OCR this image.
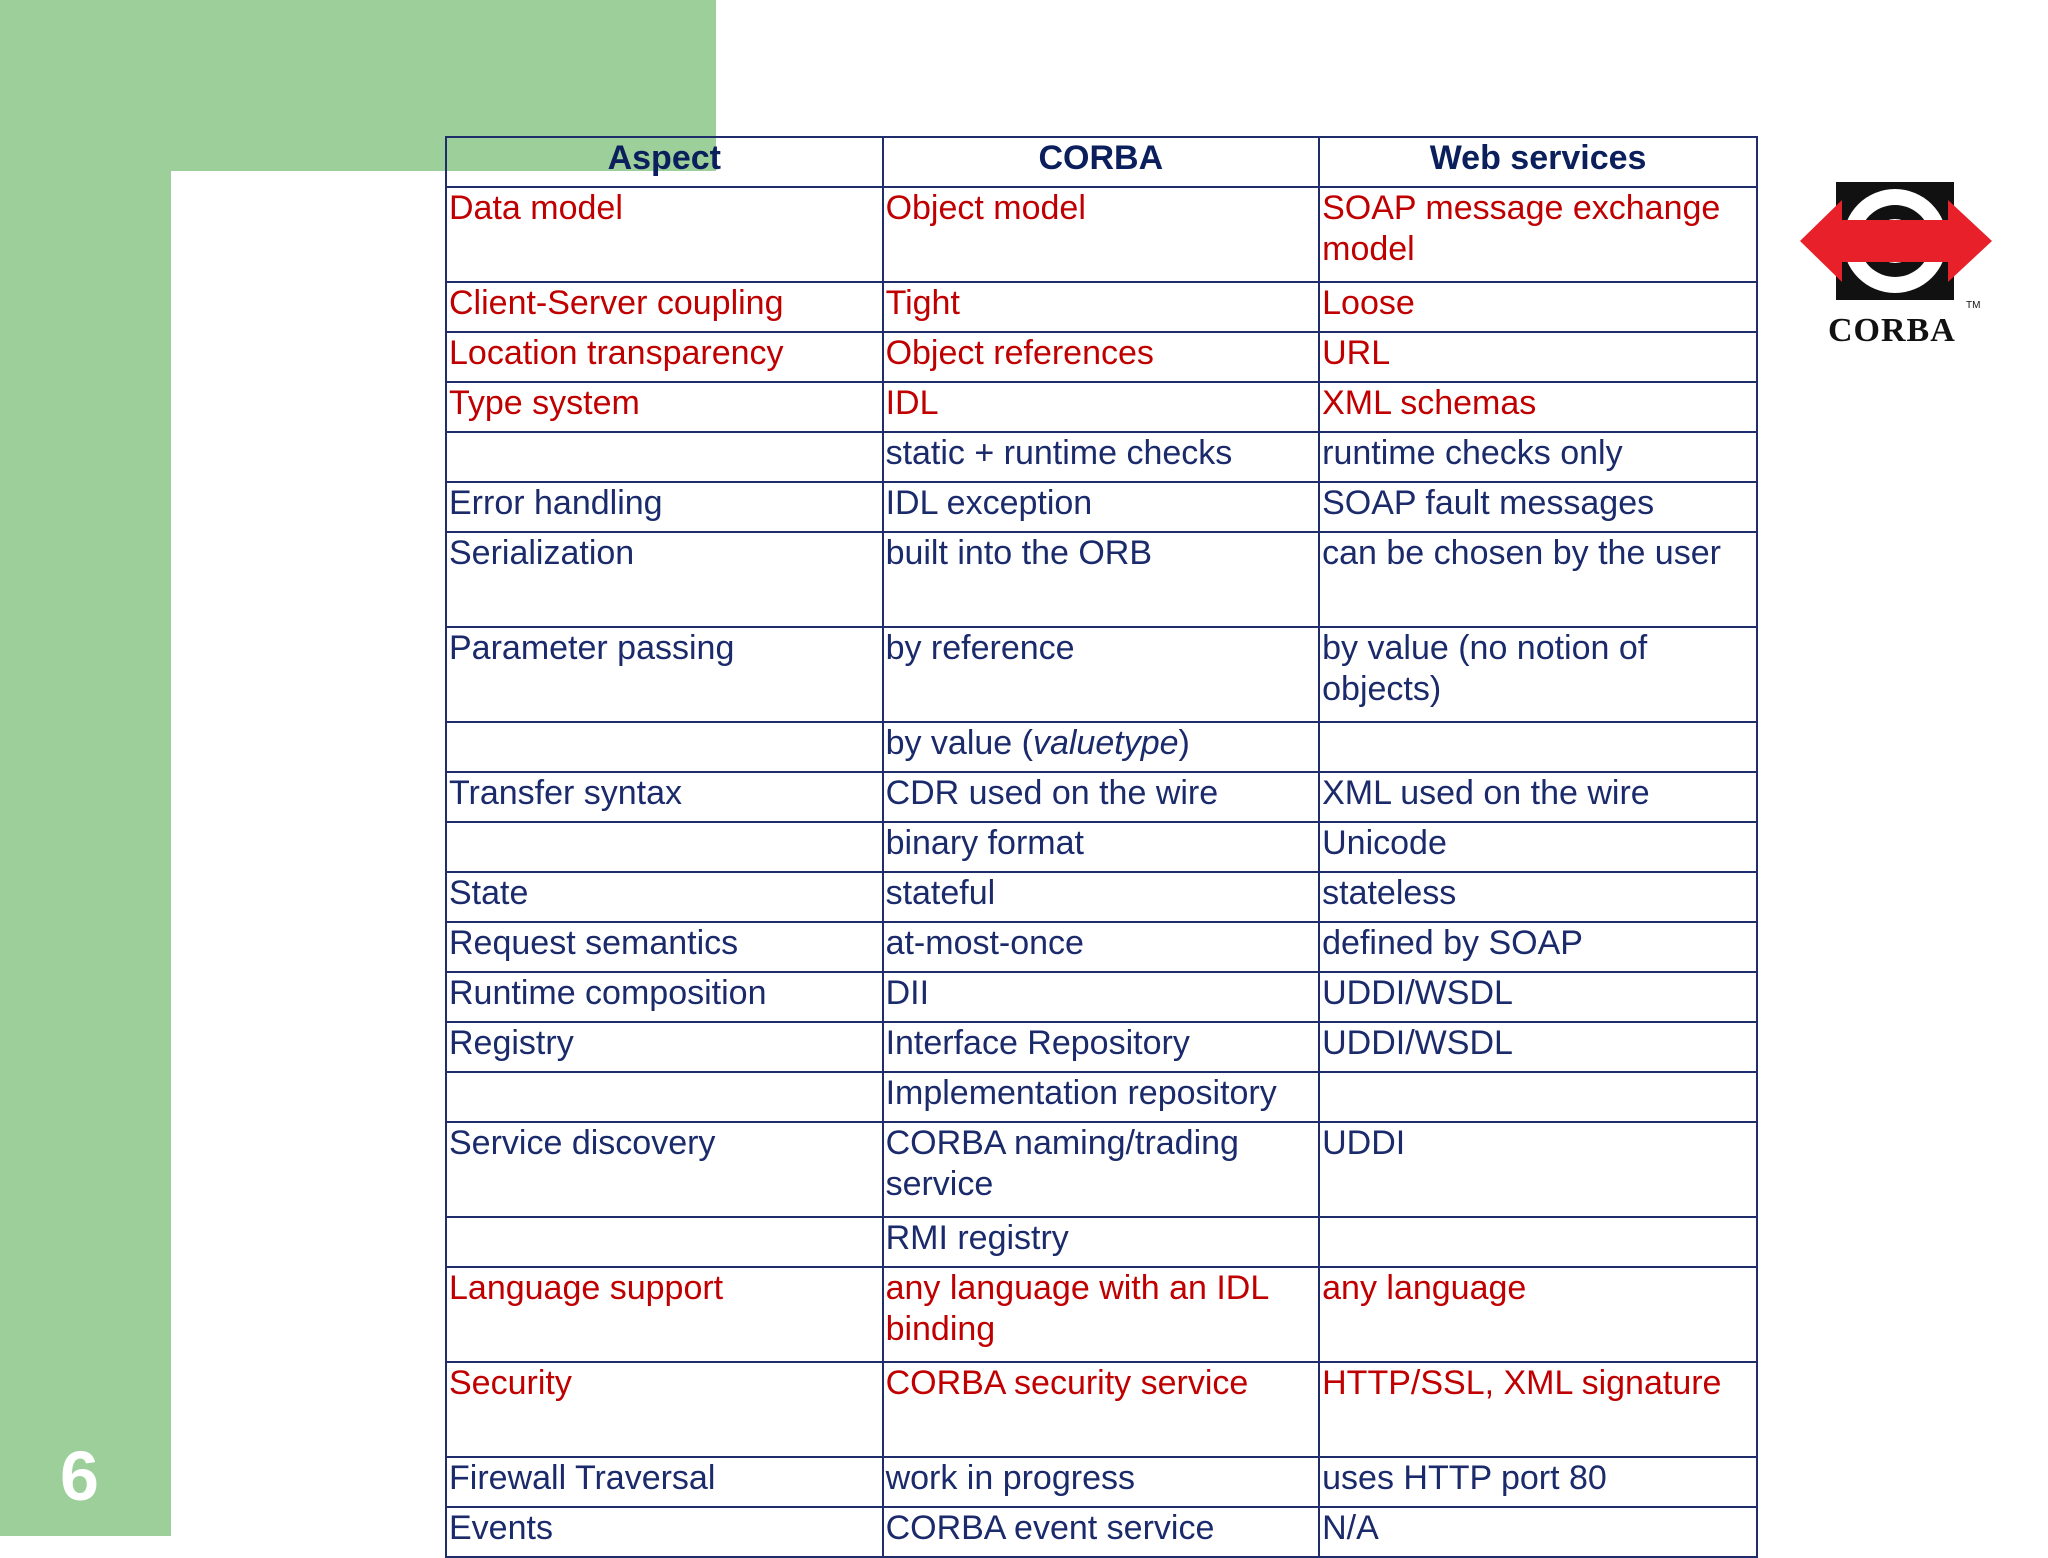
6
TM
CORBA
Aspect	CORBA	Web services
Data model	Object model	SOAP message exchange model
Client-Server coupling	Tight	Loose
Location transparency	Object references	URL
Type system	IDL	XML schemas
	static + runtime checks	runtime checks only
Error handling	IDL exception	SOAP fault messages
Serialization	built into the ORB	can be chosen by the user
Parameter passing	by reference	by value (no notion of objects)
	by value (valuetype)	
Transfer syntax	CDR used on the wire	XML used on the wire
	binary format	Unicode
State	stateful	stateless
Request semantics	at-most-once	defined by SOAP
Runtime composition	DII	UDDI/WSDL
Registry	Interface Repository	UDDI/WSDL
	Implementation repository	
Service discovery	CORBA naming/trading service	UDDI
	RMI registry	
Language support	any language with an IDL binding	any language
Security	CORBA security service	HTTP/SSL, XML signature
Firewall Traversal	work in progress	uses HTTP port 80
Events	CORBA event service	N/A
